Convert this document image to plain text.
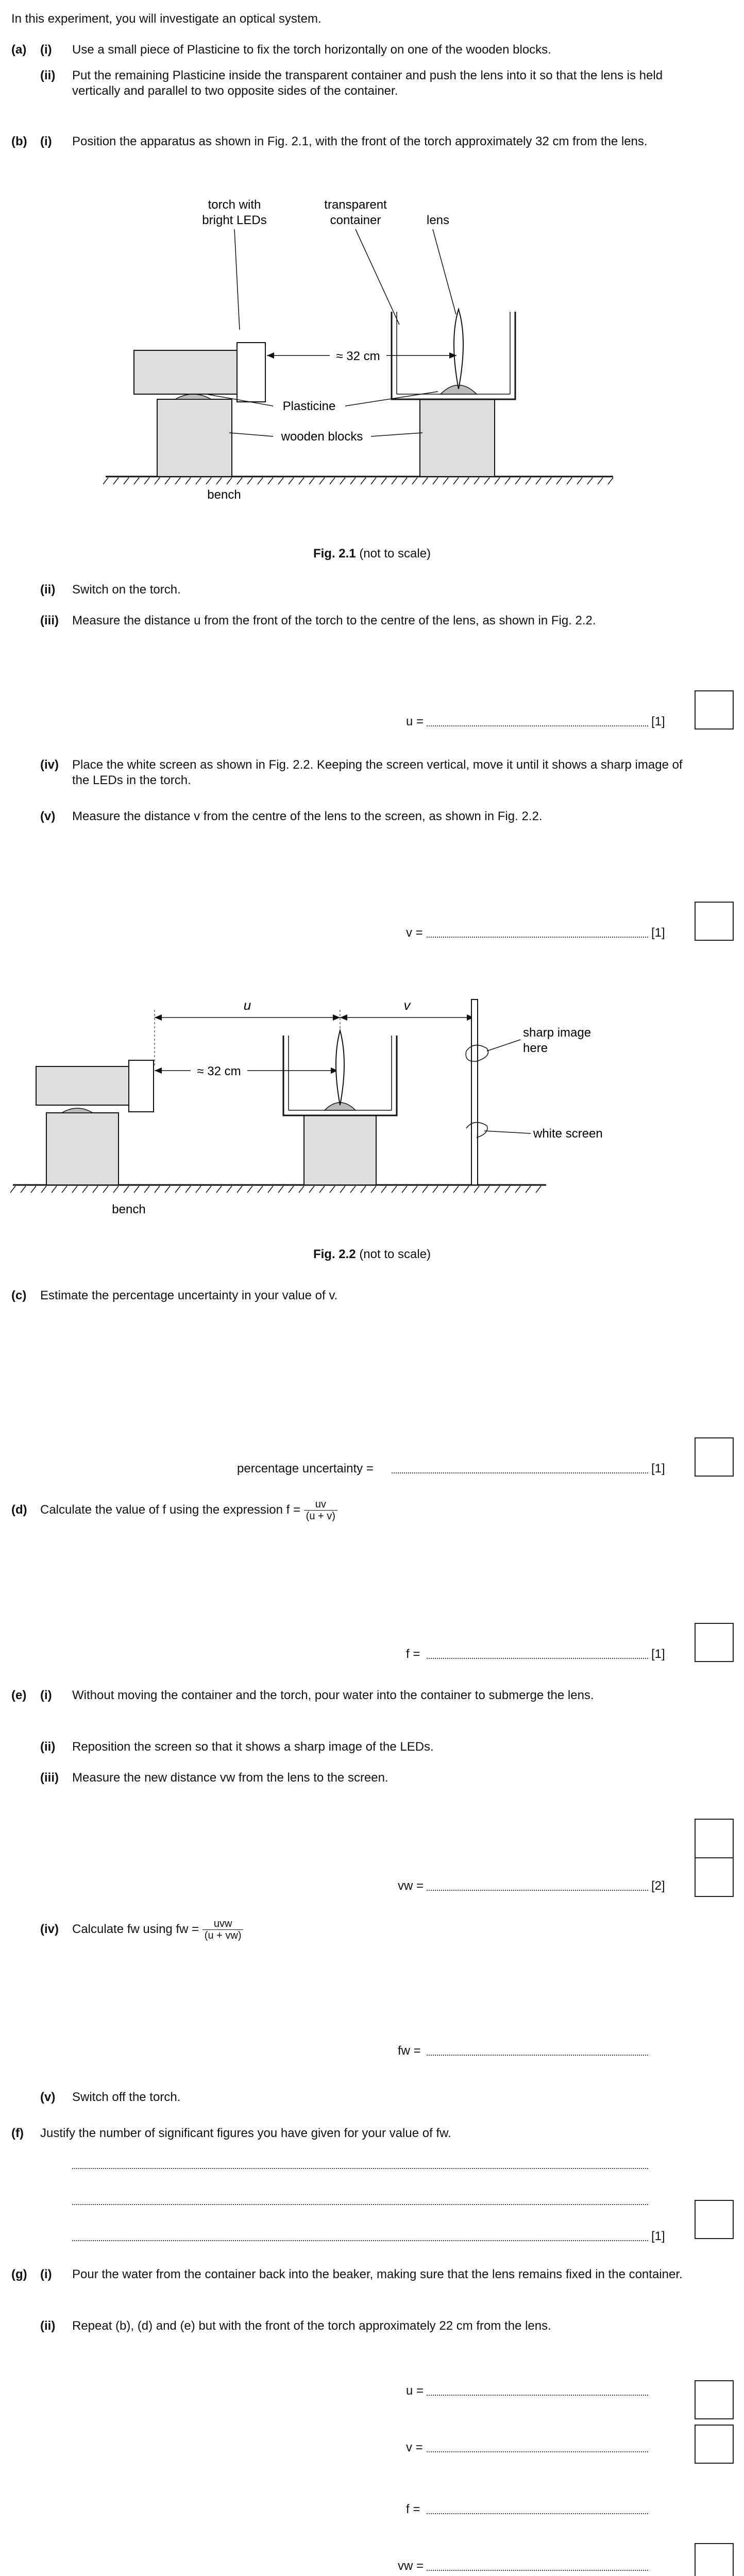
In this experiment, you will investigate an optical system.
(a) (i) Use a small piece of Plasticine to fix the torch horizontally on one of the wooden blocks.
(ii) Put the remaining Plasticine inside the transparent container and push the lens into it so that the lens is held vertically and parallel to two opposite sides of the container.
(b) (i) Position the apparatus as shown in Fig. 2.1, with the front of the torch approximately 32 cm from the lens.
torch with
bright LEDs
transparent
container	lens
≈ 32 cm
Plasticine
wooden blocks
bench
Fig. 2.1 (not to scale)
(ii) Switch on the torch.
(iii) Measure the distance u from the front of the torch to the centre of the lens, as shown in Fig. 2.2.
u =	[1]
(iv) Place the white screen as shown in Fig. 2.2. Keeping the screen vertical, move it until it shows a sharp image of the LEDs in the torch.
(v) Measure the distance v from the centre of the lens to the screen, as shown in Fig. 2.2.
v =	[1]
u	v
≈ 32 cm
sharp image
here
white screen
bench
Fig. 2.2 (not to scale)
(c) Estimate the percentage uncertainty in your value of v.
percentage uncertainty =	[1]
(d) Calculate the value of f using the expression $f = \frac{uv}{(u + v)}$
f =	[1]
(e) (i) Without moving the container and the torch, pour water into the container to submerge the lens.
(ii) Reposition the screen so that it shows a sharp image of the LEDs.
(iii) Measure the new distance vw from the lens to the screen.
vw =	[2]
(iv) Calculate fw using fw = $\frac{\text{uvw}}{(u + vw)}$
fw =
(v) Switch off the torch.
(f) Justify the number of significant figures you have given for your value of fw.
[1]
(g) (i) Pour the water from the container back into the beaker, making sure that the lens remains fixed in the container.
(ii) Repeat (b), (d) and (e) but with the front of the torch approximately 22 cm from the lens.
u =
v =
f =
vw =
